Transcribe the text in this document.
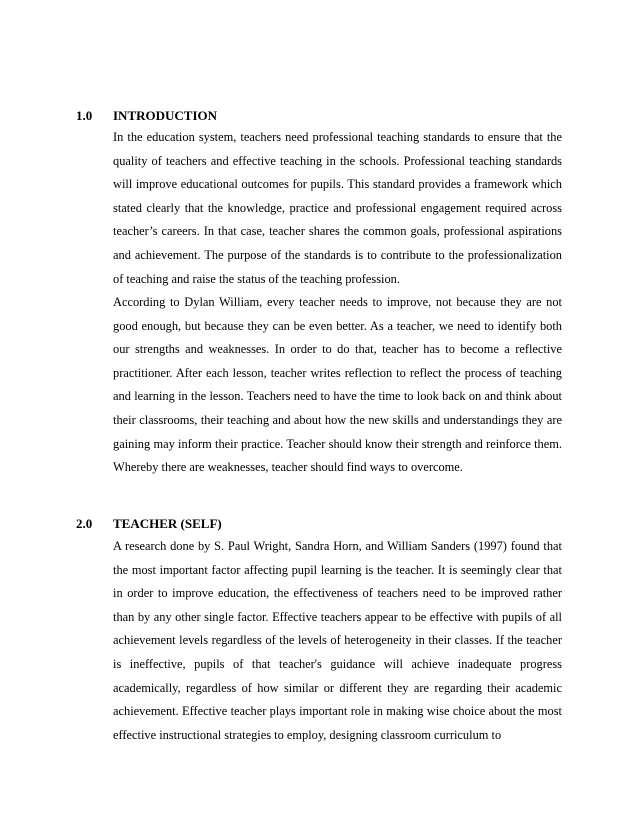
1.0 INTRODUCTION

In the education system, teachers need professional teaching standards to ensure that the quality of teachers and effective teaching in the schools. Professional teaching standards will improve educational outcomes for pupils. This standard provides a framework which stated clearly that the knowledge, practice and professional engagement required across teacher’s careers. In that case, teacher shares the common goals, professional aspirations and achievement. The purpose of the standards is to contribute to the professionalization of teaching and raise the status of the teaching profession.

According to Dylan William, every teacher needs to improve, not because they are not good enough, but because they can be even better. As a teacher, we need to identify both our strengths and weaknesses. In order to do that, teacher has to become a reflective practitioner. After each lesson, teacher writes reflection to reflect the process of teaching and learning in the lesson. Teachers need to have the time to look back on and think about their classrooms, their teaching and about how the new skills and understandings they are gaining may inform their practice. Teacher should know their strength and reinforce them. Whereby there are weaknesses, teacher should find ways to overcome.

2.0 TEACHER (SELF)

A research done by S. Paul Wright, Sandra Horn, and William Sanders (1997) found that the most important factor affecting pupil learning is the teacher. It is seemingly clear that in order to improve education, the effectiveness of teachers need to be improved rather than by any other single factor. Effective teachers appear to be effective with pupils of all achievement levels regardless of the levels of heterogeneity in their classes. If the teacher is ineffective, pupils of that teacher's guidance will achieve inadequate progress academically, regardless of how similar or different they are regarding their academic achievement. Effective teacher plays important role in making wise choice about the most effective instructional strategies to employ, designing classroom curriculum to
